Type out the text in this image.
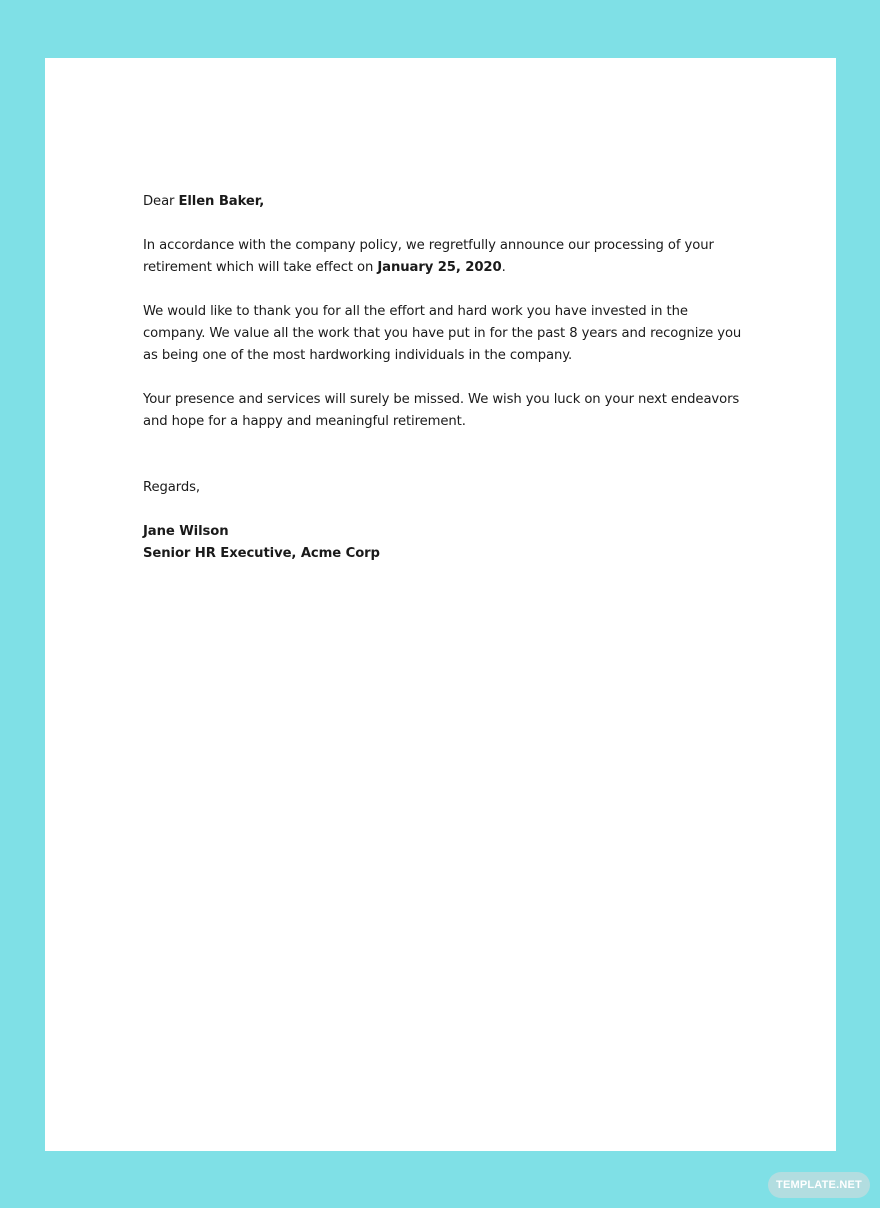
Dear Ellen Baker,

In accordance with the company policy, we regretfully announce our processing of your

retirement which will take effect on January 25, 2020.

We would like to thank you for all the effort and hard work you have invested in the

company. We value all the work that you have put in for the past 8 years and recognize you

as being one of the most hardworking individuals in the company.

Your presence and services will surely be missed. We wish you luck on your next endeavors

and hope for a happy and meaningful retirement.

Regards,

Jane Wilson

Senior HR Executive, Acme Corp

TEMPLATE.NET
